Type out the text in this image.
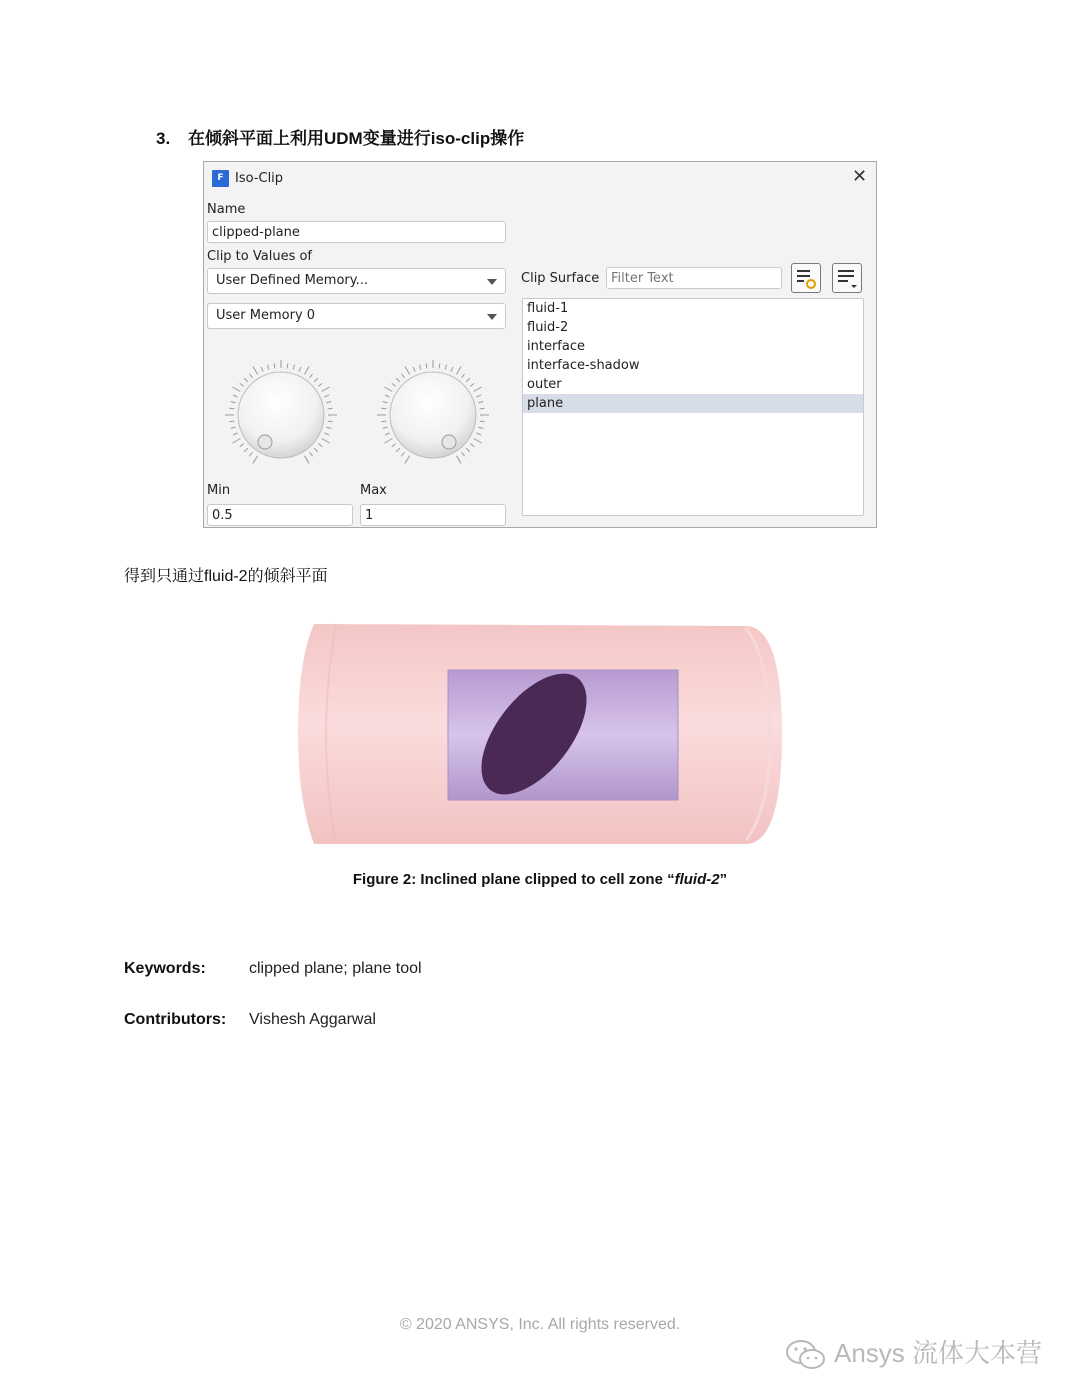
3. 在倾斜平面上利用UDM变量进行iso-clip操作
F Iso-Clip	✕
Name
clipped-plane
Clip to Values of
User Defined Memory...
User Memory 0
Min
0.5	Max
1
Clip Surface
Filter Text
fluid-1
fluid-2
interface
interface-shadow
outer
plane
得到只通过fluid-2的倾斜平面
Figure 2: Inclined plane clipped to cell zone “fluid-2”
Keywords:	clipped plane; plane tool
Contributors: Vishesh Aggarwal
© 2020 ANSYS, Inc. All rights reserved.
Ansys 流体大本营
